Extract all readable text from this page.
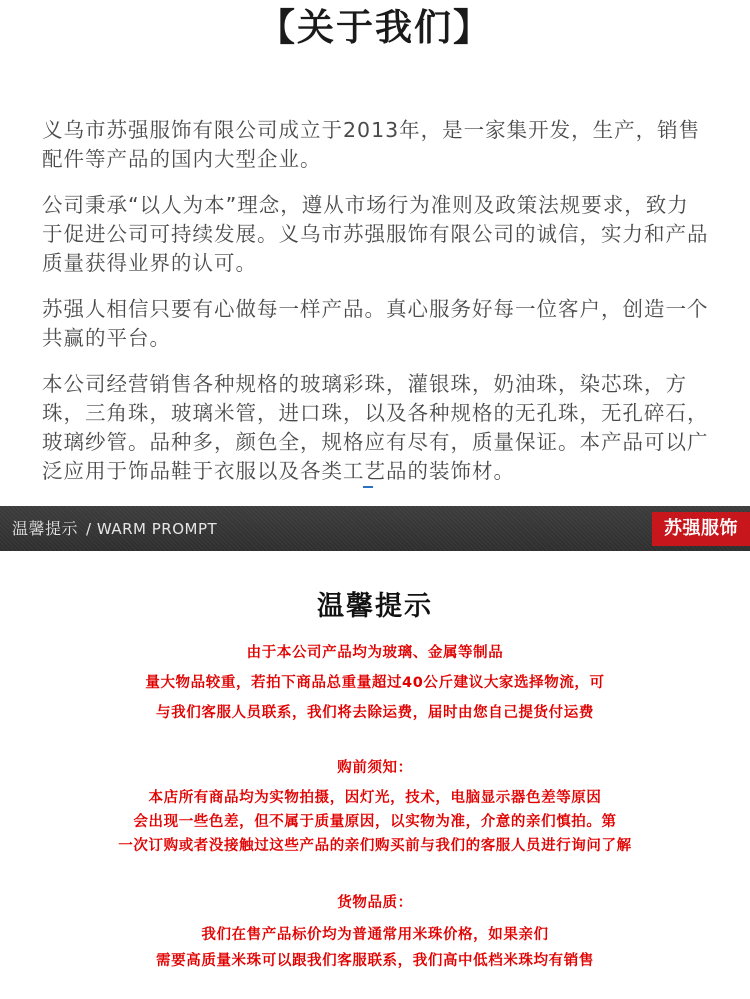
【关于我们】

义乌市苏强服饰有限公司成立于2013年，是一家集开发，生产，销售配件等产品的国内大型企业。

公司秉承“以人为本”理念，遵从市场行为准则及政策法规要求，致力于促进公司可持续发展。义乌市苏强服饰有限公司的诚信，实力和产品质量获得业界的认可。

苏强人相信只要有心做每一样产品。真心服务好每一位客户，创造一个共赢的平台。

本公司经营销售各种规格的玻璃彩珠，灌银珠，奶油珠，染芯珠，方珠，三角珠，玻璃米管，进口珠，以及各种规格的无孔珠，无孔碎石，玻璃纱管。品种多，颜色全，规格应有尽有，质量保证。本产品可以广泛应用于饰品鞋于衣服以及各类工艺品的装饰材。

温馨提示 / WARM PROMPT	苏强服饰
温馨提示
由于本公司产品均为玻璃、金属等制品
量大物品较重，若拍下商品总重量超过40公斤建议大家选择物流，可
与我们客服人员联系，我们将去除运费，届时由您自己提货付运费
购前须知：
本店所有商品均为实物拍摄，因灯光，技术，电脑显示器色差等原因
会出现一些色差，但不属于质量原因，以实物为准，介意的亲们慎拍。第
一次订购或者没接触过这些产品的亲们购买前与我们的客服人员进行询问了解
货物品质：
我们在售产品标价均为普通常用米珠价格，如果亲们
需要高质量米珠可以跟我们客服联系，我们高中低档米珠均有销售
